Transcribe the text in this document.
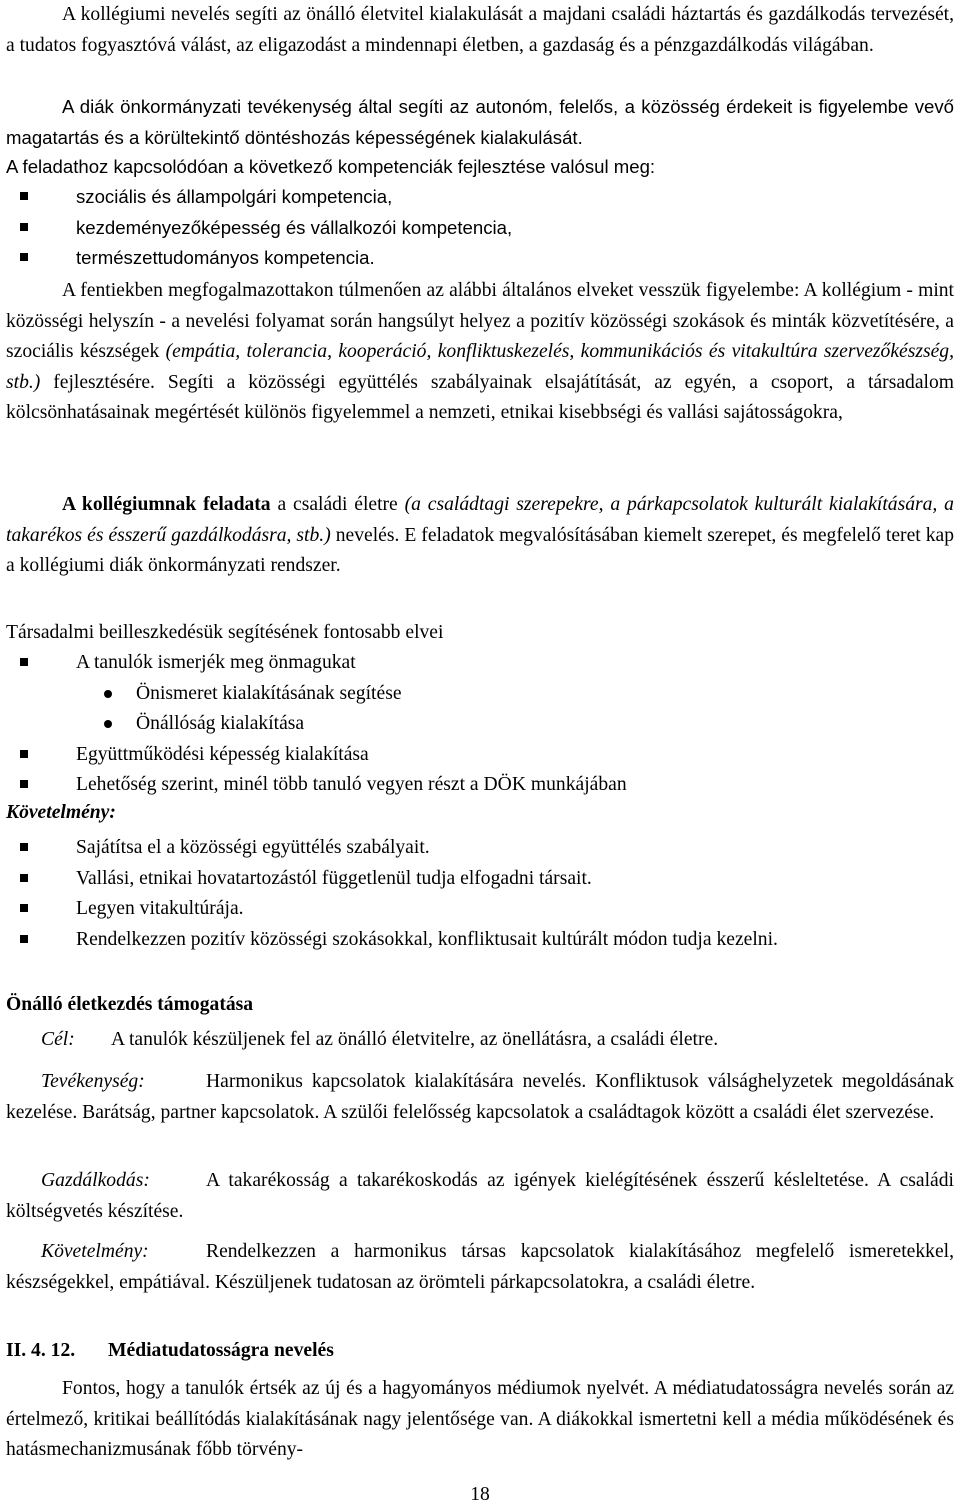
A kollégiumi nevelés segíti az önálló életvitel kialakulását a majdani családi háztartás és gazdálkodás tervezését, a tudatos fogyasztóvá válást, az eligazodást a mindennapi életben, a gazdaság és a pénzgazdálkodás világában.

A diák önkormányzati tevékenység által segíti az autonóm, felelős, a közösség érdekeit is figyelembe vevő magatartás és a körültekintő döntéshozás képességének kialakulását.

A feladathoz kapcsolódóan a következő kompetenciák fejlesztése valósul meg:

szociális és állampolgári kompetencia,
kezdeményezőképesség és vállalkozói kompetencia,
természettudományos kompetencia.

A fentiekben megfogalmazottakon túlmenően az alábbi általános elveket vesszük figyelembe: A kollégium - mint közösségi helyszín - a nevelési folyamat során hangsúlyt helyez a pozitív közösségi szokások és minták közvetítésére, a szociális készségek (empátia, tolerancia, kooperáció, konfliktuskezelés, kommunikációs és vitakultúra szervezőkészség, stb.) fejlesztésére. Segíti a közösségi együttélés szabályainak elsajátítását, az egyén, a csoport, a társadalom kölcsönhatásainak megértését különös figyelemmel a nemzeti, etnikai kisebbségi és vallási sajátosságokra,

A kollégiumnak feladata a családi életre (a családtagi szerepekre, a párkapcsolatok kulturált kialakítására, a takarékos és ésszerű gazdálkodásra, stb.) nevelés. E feladatok megvalósításában kiemelt szerepet, és megfelelő teret kap a kollégiumi diák önkormányzati rendszer.

Társadalmi beilleszkedésük segítésének fontosabb elvei

A tanulók ismerjék meg önmagukat
Önismeret kialakításának segítése
Önállóság kialakítása
Együttműködési képesség kialakítása
Lehetőség szerint, minél több tanuló vegyen részt a DÖK munkájában

Követelmény:

Sajátítsa el a közösségi együttélés szabályait.
Vallási, etnikai hovatartozástól függetlenül tudja elfogadni társait.
Legyen vitakultúrája.
Rendelkezzen pozitív közösségi szokásokkal, konfliktusait kultúrált módon tudja kezelni.

Önálló életkezdés támogatása

Cél: A tanulók készüljenek fel az önálló életvitelre, az önellátásra, a családi életre.

Tevékenység:	Harmonikus kapcsolatok kialakítására nevelés. Konfliktusok válsághelyzetek megoldásának kezelése. Barátság, partner kapcsolatok. A szülői felelősség kapcsolatok a családtagok között a családi élet szervezése.

Gazdálkodás:	A takarékosság a takarékoskodás az igények kielégítésének ésszerű késleltetése. A családi költségvetés készítése.

Követelmény:	Rendelkezzen a harmonikus társas kapcsolatok kialakításához megfelelő ismeretekkel, készségekkel, empátiával. Készüljenek tudatosan az örömteli párkapcsolatokra, a családi életre.

II. 4. 12. Médiatudatosságra nevelés

Fontos, hogy a tanulók értsék az új és a hagyományos médiumok nyelvét. A médiatudatosságra nevelés során az értelmező, kritikai beállítódás kialakításának nagy jelentősége van. A diákokkal ismertetni kell a média működésének és hatásmechanizmusának főbb törvény-

18
